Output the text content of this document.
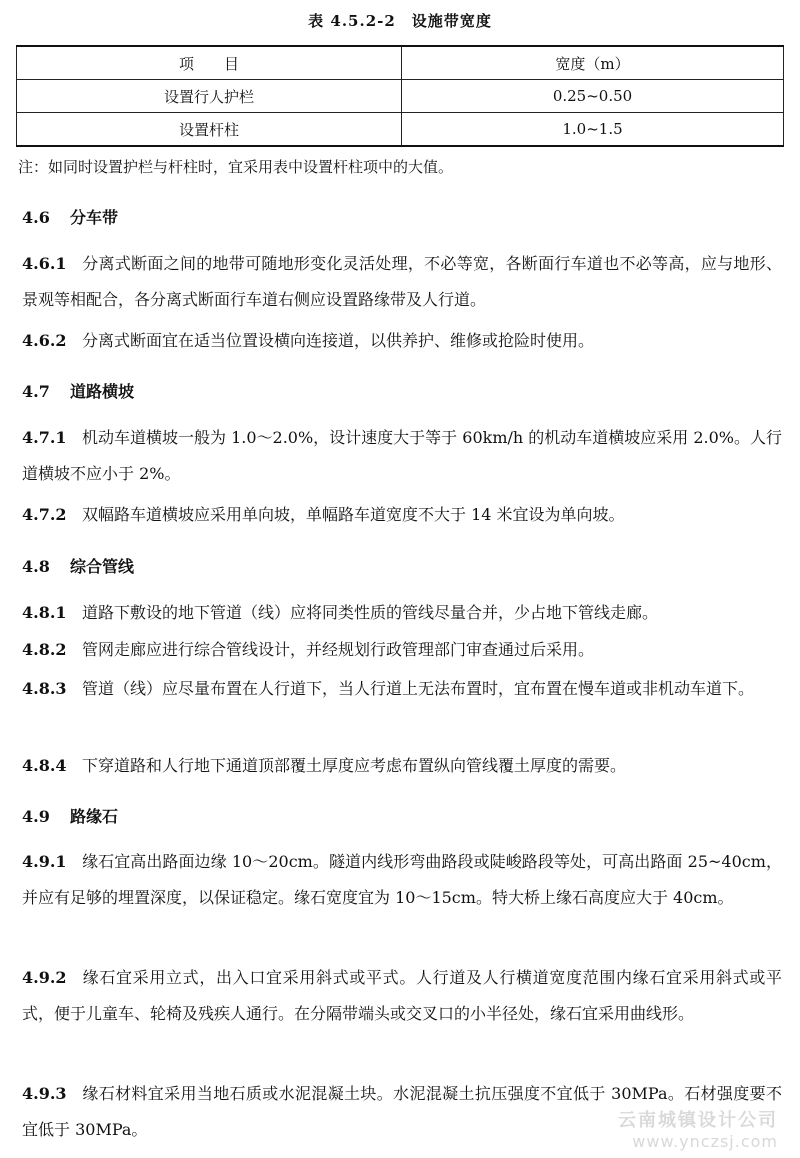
表 4.5.2-2　设施带宽度
项　　目	宽度（m）
设置行人护栏	0.25~0.50
设置杆柱	1.0~1.5
注：如同时设置护栏与杆柱时，宜采用表中设置杆柱项中的大值。
4.6 分车带
4.6.1 分离式断面之间的地带可随地形变化灵活处理，不必等宽，各断面行车道也不必等高，应与地形、景观等相配合，各分离式断面行车道右侧应设置路缘带及人行道。
4.6.2 分离式断面宜在适当位置设横向连接道，以供养护、维修或抢险时使用。
4.7 道路横坡
4.7.1 机动车道横坡一般为 1.0～2.0%，设计速度大于等于 60km/h 的机动车道横坡应采用 2.0%。人行道横坡不应小于 2%。
4.7.2 双幅路车道横坡应采用单向坡，单幅路车道宽度不大于 14 米宜设为单向坡。
4.8 综合管线
4.8.1 道路下敷设的地下管道（线）应将同类性质的管线尽量合并，少占地下管线走廊。
4.8.2 管网走廊应进行综合管线设计，并经规划行政管理部门审查通过后采用。
4.8.3 管道（线）应尽量布置在人行道下，当人行道上无法布置时，宜布置在慢车道或非机动车道下。
4.8.4 下穿道路和人行地下通道顶部覆土厚度应考虑布置纵向管线覆土厚度的需要。
4.9 路缘石
4.9.1 缘石宜高出路面边缘 10～20cm。隧道内线形弯曲路段或陡峻路段等处，可高出路面 25~40cm，并应有足够的埋置深度，以保证稳定。缘石宽度宜为 10～15cm。特大桥上缘石高度应大于 40cm。
4.9.2 缘石宜采用立式，出入口宜采用斜式或平式。人行道及人行横道宽度范围内缘石宜采用斜式或平式，便于儿童车、轮椅及残疾人通行。在分隔带端头或交叉口的小半径处，缘石宜采用曲线形。
4.9.3 缘石材料宜采用当地石质或水泥混凝土块。水泥混凝土抗压强度不宜低于 30MPa。石材强度要不宜低于 30MPa。	云南城镇设计公司
www.ynczsj.com
